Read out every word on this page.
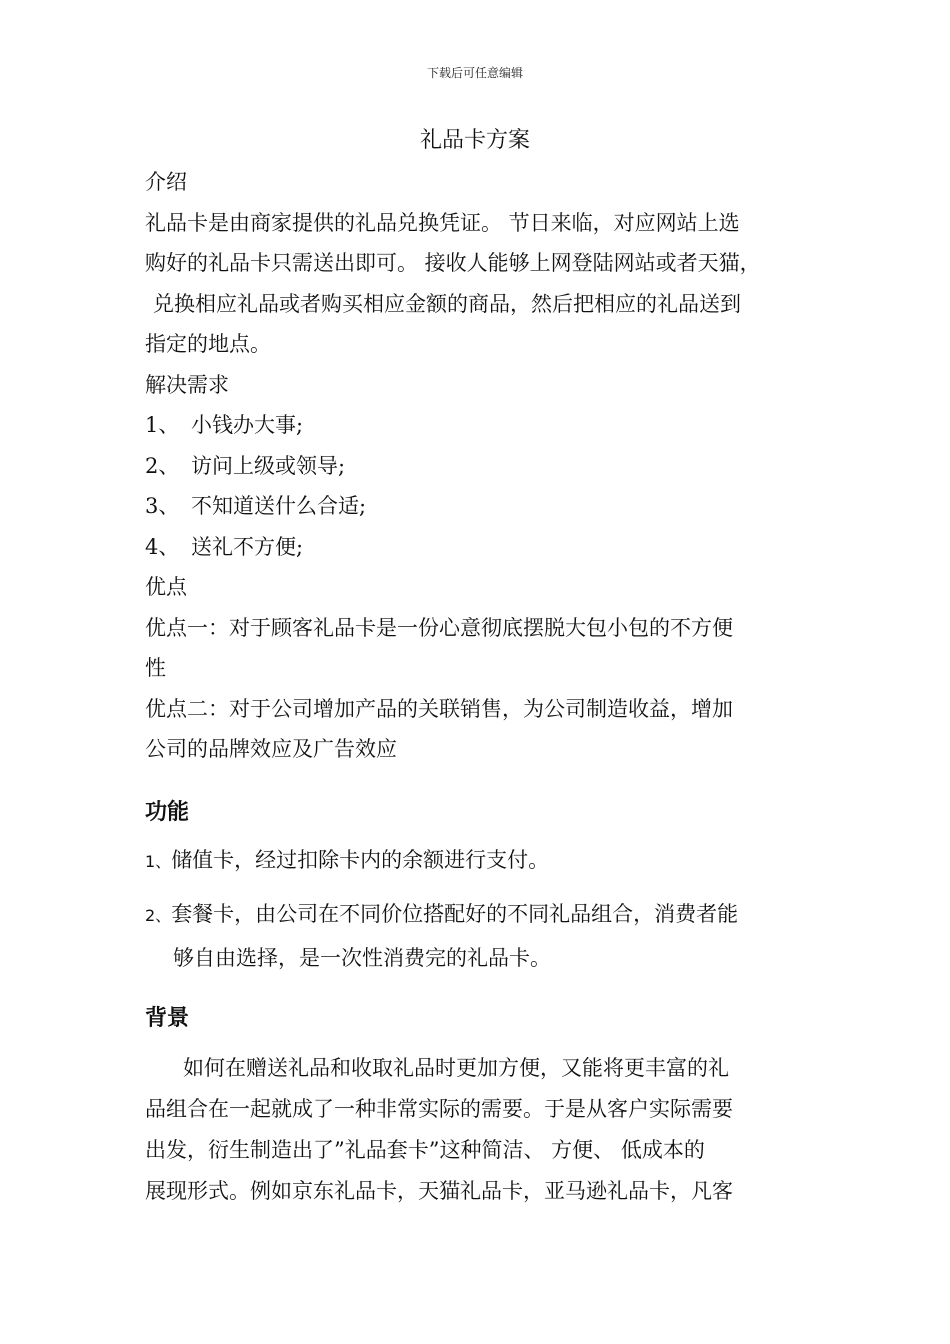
下载后可任意编辑
礼品卡方案

介绍

礼品卡是由商家提供的礼品兑换凭证。 节日来临，对应网站上选

购好的礼品卡只需送出即可。 接收人能够上网登陆网站或者天猫，

兑换相应礼品或者购买相应金额的商品，然后把相应的礼品送到

指定的地点。

解决需求

1、 小钱办大事;

2、 访问上级或领导;

3、 不知道送什么合适;

4、 送礼不方便;

优点

优点一：对于顾客礼品卡是一份心意彻底摆脱大包小包的不方便

性

优点二：对于公司增加产品的关联销售，为公司制造收益，增加

公司的品牌效应及广告效应

功能

1、储值卡，经过扣除卡内的余额进行支付。

2、套餐卡，由公司在不同价位搭配好的不同礼品组合，消费者能
够自由选择，是一次性消费完的礼品卡。

背景

如何在赠送礼品和收取礼品时更加方便，又能将更丰富的礼

品组合在一起就成了一种非常实际的需要。于是从客户实际需要

出发，衍生制造出了”礼品套卡”这种简洁、 方便、 低成本的

展现形式。例如京东礼品卡，天猫礼品卡，亚马逊礼品卡，凡客
